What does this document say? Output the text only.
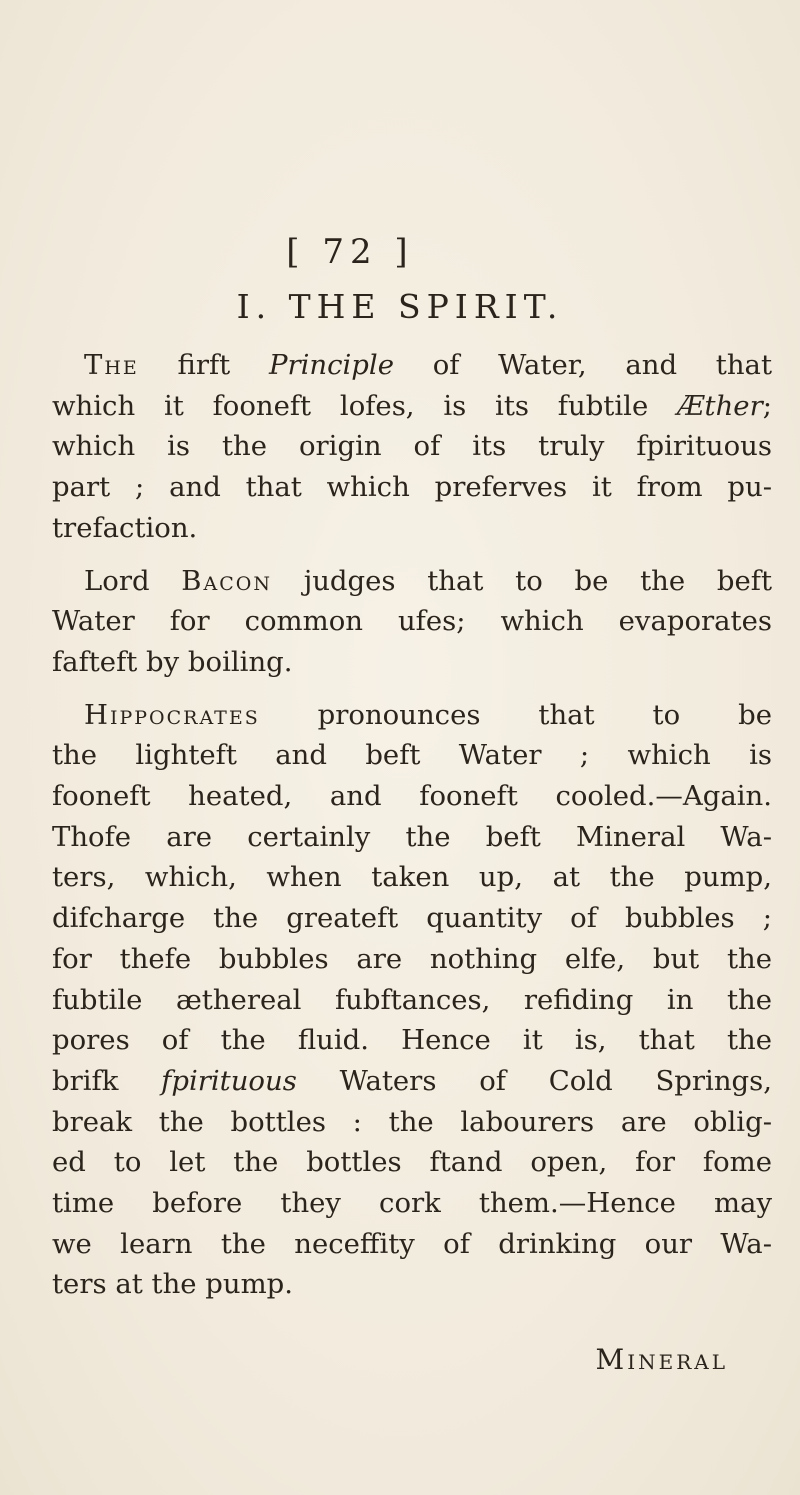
[ 72 ]
I. THE SPIRIT.

The firft Principle of Water, and that
which it fooneft lofes, is its fubtile Æther;
which is the origin of its truly fpirituous
part ; and that which preferves it from pu-
trefaction.

Lord Bacon judges that to be the beft
Water for common ufes; which evaporates
fafteft by boiling.

Hippocrates pronounces that to be
the lighteft and beft Water ; which is
fooneft heated, and fooneft cooled.—Again.
Thofe are certainly the beft Mineral Wa-
ters, which, when taken up, at the pump,
difcharge the greateft quantity of bubbles ;
for thefe bubbles are nothing elfe, but the
fubtile æthereal fubftances, refiding in the
pores of the fluid. Hence it is, that the
brifk fpirituous Waters of Cold Springs,
break the bottles : the labourers are oblig-
ed to let the bottles ftand open, for fome
time before they cork them.—Hence may
we learn the neceffity of drinking our Wa-
ters at the pump.

Mineral
